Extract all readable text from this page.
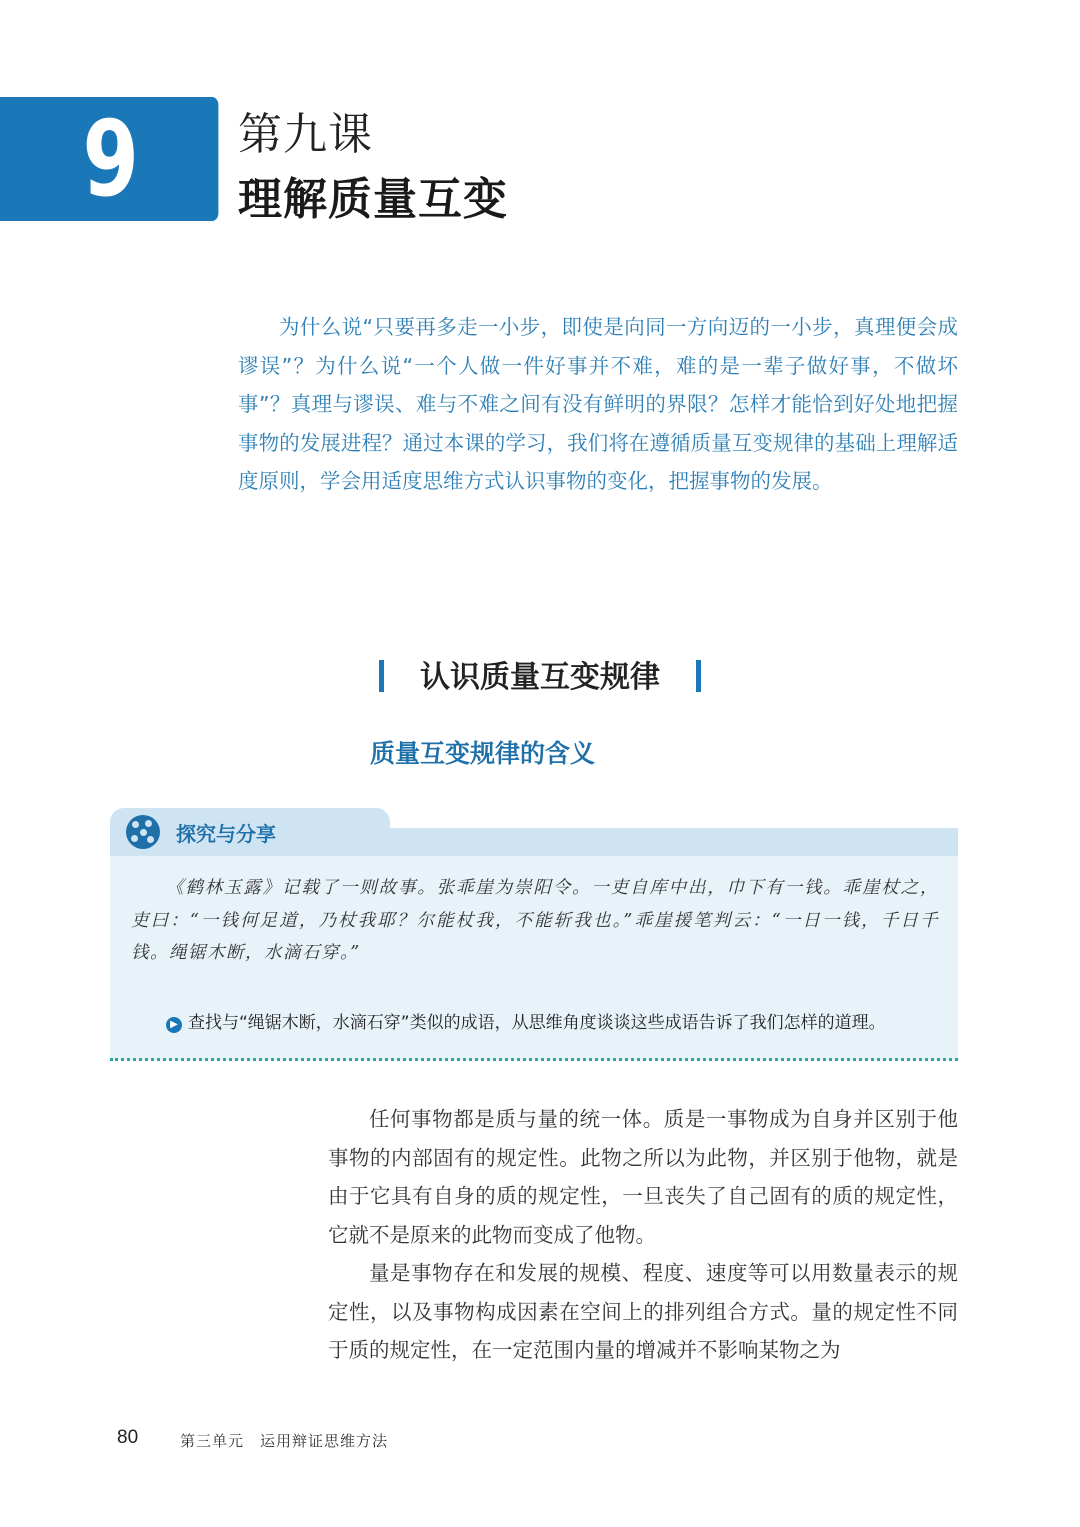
9	第九课
理解质量互变

为什么说“只要再多走一小步，即使是向同一方向迈的一小步，真理便会成谬误”？为什么说“一个人做一件好事并不难，难的是一辈子做好事，不做坏事”？真理与谬误、难与不难之间有没有鲜明的界限？怎样才能恰到好处地把握事物的发展进程？通过本课的学习，我们将在遵循质量互变规律的基础上理解适度原则，学会用适度思维方式认识事物的变化，把握事物的发展。

认识质量互变规律
质量互变规律的含义
探究与分享

《鹤林玉露》记载了一则故事。张乖崖为崇阳令。一吏自库中出，巾下有一钱。乖崖杖之，吏曰：“一钱何足道，乃杖我耶？尔能杖我，不能斩我也。”乖崖援笔判云：“一日一钱，千日千钱。绳锯木断，水滴石穿。”

▶ 查找与“绳锯木断，水滴石穿”类似的成语，从思维角度谈谈这些成语告诉了我们怎样的道理。

任何事物都是质与量的统一体。质是一事物成为自身并区别于他事物的内部固有的规定性。此物之所以为此物，并区别于他物，就是由于它具有自身的质的规定性，一旦丧失了自己固有的质的规定性，它就不是原来的此物而变成了他物。

量是事物存在和发展的规模、程度、速度等可以用数量表示的规定性，以及事物构成因素在空间上的排列组合方式。量的规定性不同于质的规定性，在一定范围内量的增减并不影响某物之为

80	第三单元　运用辩证思维方法
